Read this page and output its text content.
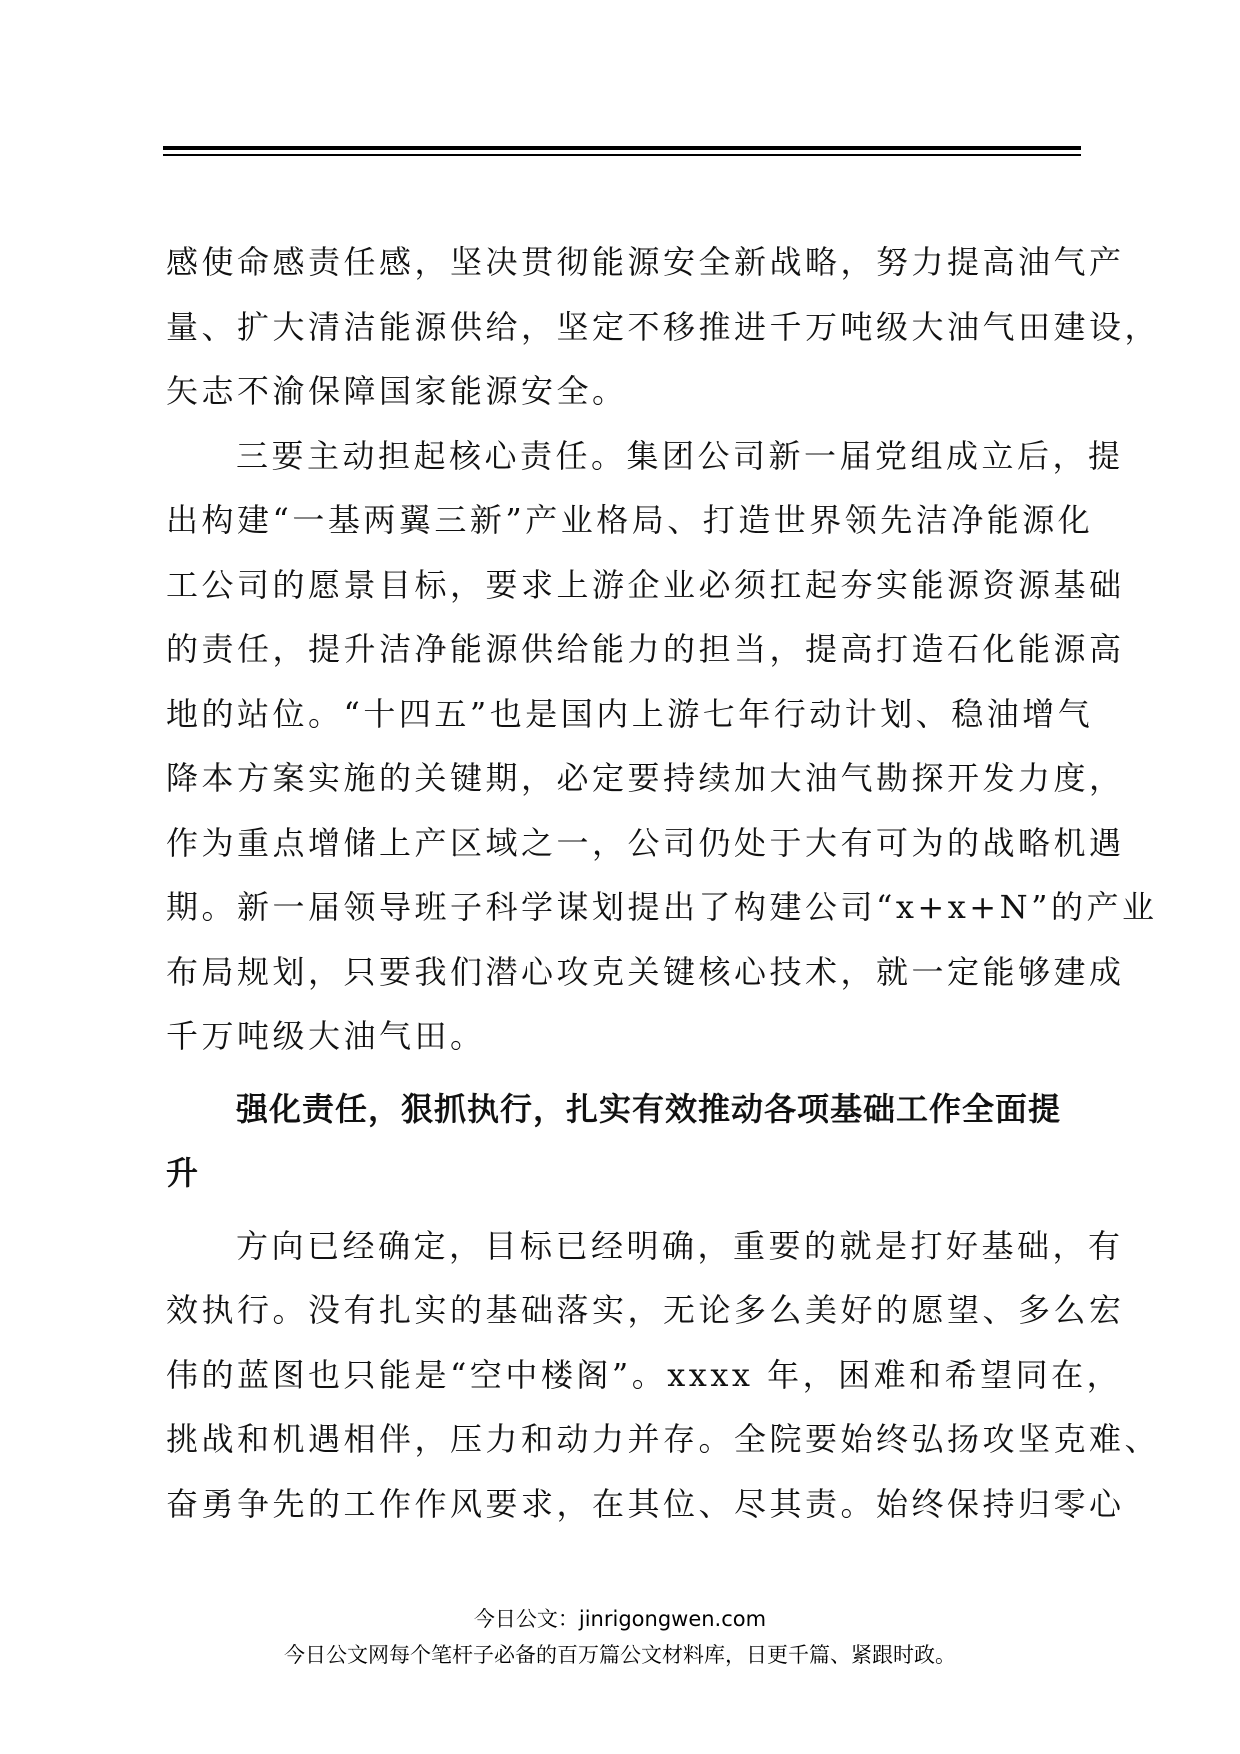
感使命感责任感，坚决贯彻能源安全新战略，努力提高油气产
量、扩大清洁能源供给，坚定不移推进千万吨级大油气田建设，
矢志不渝保障国家能源安全。
三要主动担起核心责任。集团公司新一届党组成立后，提
出构建“一基两翼三新”产业格局、打造世界领先洁净能源化
工公司的愿景目标，要求上游企业必须扛起夯实能源资源基础
的责任，提升洁净能源供给能力的担当，提高打造石化能源高
地的站位。“十四五”也是国内上游七年行动计划、稳油增气
降本方案实施的关键期，必定要持续加大油气勘探开发力度，
作为重点增储上产区域之一，公司仍处于大有可为的战略机遇
期。新一届领导班子科学谋划提出了构建公司“x+x+N”的产业
布局规划，只要我们潜心攻克关键核心技术，就一定能够建成
千万吨级大油气田。
强化责任，狠抓执行，扎实有效推动各项基础工作全面提
升
方向已经确定，目标已经明确，重要的就是打好基础，有
效执行。没有扎实的基础落实，无论多么美好的愿望、多么宏
伟的蓝图也只能是“空中楼阁”。xxxx 年，困难和希望同在，
挑战和机遇相伴，压力和动力并存。全院要始终弘扬攻坚克难、
奋勇争先的工作作风要求，在其位、尽其责。始终保持归零心
今日公文：jinrigongwen.com
今日公文网每个笔杆子必备的百万篇公文材料库，日更千篇、紧跟时政。
